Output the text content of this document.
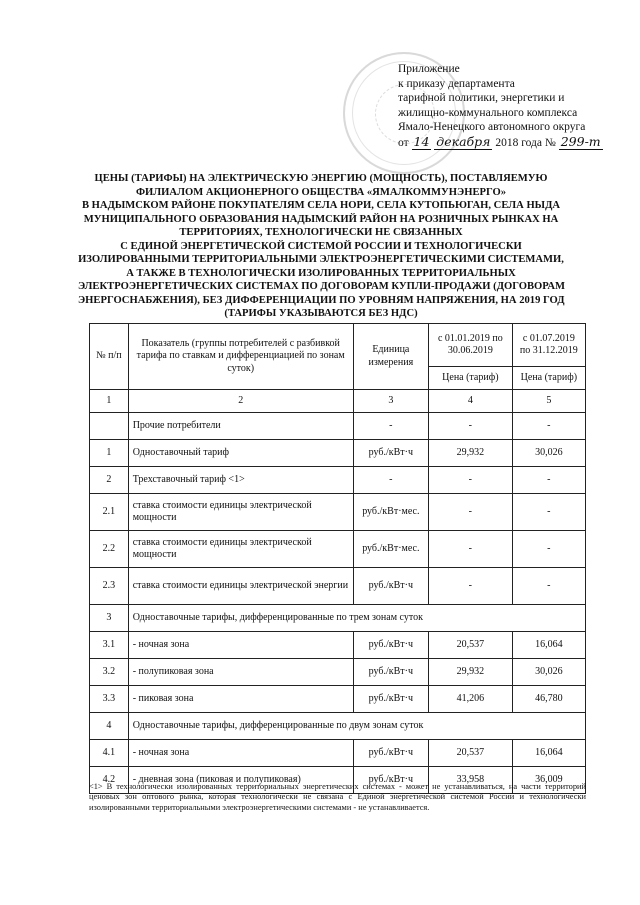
Приложение
к приказу департамента
тарифной политики, энергетики и
жилищно-коммунального комплекса
Ямало-Ненецкого автономного округа
от 14 декабря 2018 года № 299-т
ЦЕНЫ (ТАРИФЫ) НА ЭЛЕКТРИЧЕСКУЮ ЭНЕРГИЮ (МОЩНОСТЬ), ПОСТАВЛЯЕМУЮ
ФИЛИАЛОМ АКЦИОНЕРНОГО ОБЩЕСТВА «ЯМАЛКОММУНЭНЕРГО»
В НАДЫМСКОМ РАЙОНЕ ПОКУПАТЕЛЯМ СЕЛА НОРИ, СЕЛА КУТОПЬЮГАН, СЕЛА НЫДА
МУНИЦИПАЛЬНОГО ОБРАЗОВАНИЯ НАДЫМСКИЙ РАЙОН НА РОЗНИЧНЫХ РЫНКАХ НА
ТЕРРИТОРИЯХ, ТЕХНОЛОГИЧЕСКИ НЕ СВЯЗАННЫХ
С ЕДИНОЙ ЭНЕРГЕТИЧЕСКОЙ СИСТЕМОЙ РОССИИ И ТЕХНОЛОГИЧЕСКИ
ИЗОЛИРОВАННЫМИ ТЕРРИТОРИАЛЬНЫМИ ЭЛЕКТРОЭНЕРГЕТИЧЕСКИМИ СИСТЕМАМИ,
А ТАКЖЕ В ТЕХНОЛОГИЧЕСКИ ИЗОЛИРОВАННЫХ ТЕРРИТОРИАЛЬНЫХ
ЭЛЕКТРОЭНЕРГЕТИЧЕСКИХ СИСТЕМАХ ПО ДОГОВОРАМ КУПЛИ-ПРОДАЖИ (ДОГОВОРАМ
ЭНЕРГОСНАБЖЕНИЯ), БЕЗ ДИФФЕРЕНЦИАЦИИ ПО УРОВНЯМ НАПРЯЖЕНИЯ, НА 2019 ГОД
(ТАРИФЫ УКАЗЫВАЮТСЯ БЕЗ НДС)
№ п/п	Показатель (группы потребителей с разбивкой тарифа по ставкам и дифференциацией по зонам суток)	Единица измерения	с 01.01.2019 по 30.06.2019	с 01.07.2019 по 31.12.2019
			Цена (тариф)	Цена (тариф)
1	2	3	4	5
	Прочие потребители	-	-	-
1	Одноставочный тариф	руб./кВт·ч	29,932	30,026
2	Трехставочный тариф <1>	-	-	-
2.1	ставка стоимости единицы электрической мощности	руб./кВт·мес.	-	-
2.2	ставка стоимости единицы электрической мощности	руб./кВт·мес.	-	-
2.3	ставка стоимости единицы электрической энергии	руб./кВт·ч	-	-
3	Одноставочные тарифы, дифференцированные по трем зонам суток			
3.1	- ночная зона	руб./кВт·ч	20,537	16,064
3.2	- полупиковая зона	руб./кВт·ч	29,932	30,026
3.3	- пиковая зона	руб./кВт·ч	41,206	46,780
4	Одноставочные тарифы, дифференцированные по двум зонам суток			
4.1	- ночная зона	руб./кВт·ч	20,537	16,064
4.2	- дневная зона (пиковая и полупиковая)	руб./кВт·ч	33,958	36,009
<1> В технологически изолированных территориальных энергетических системах - может не устанавливаться, на части территорий ценовых зон оптового рынка, которая технологически не связана с Единой энергетической системой России и технологически изолированными территориальными электроэнергетическими системами - не устанавливается.
